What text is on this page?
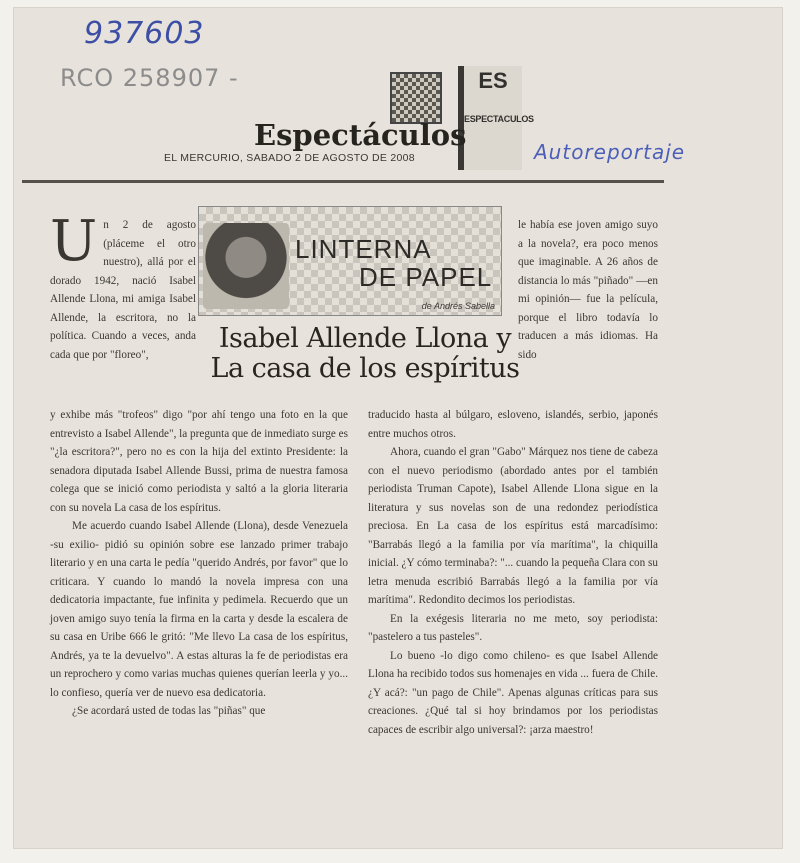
937603
RCO 258907 -
Autoreportaje
ES
ESPECTACULOS
Espectáculos
EL MERCURIO, SABADO 2 DE AGOSTO DE 2008
LINTERNA
DE PAPEL
de Andrés Sabella
Isabel Allende Llona y
La casa de los espíritus

Un 2 de agosto (pláceme el otro nuestro), allá por el dorado 1942, nació Isabel Allende Llona, mi amiga Isabel Allende, la escritora, no la política. Cuando a veces, anda cada que por "floreo",

y exhibe más "trofeos" digo "por ahí tengo una foto en la que entrevisto a Isabel Allende", la pregunta que de inmediato surge es "¿la escritora?", pero no es con la hija del extinto Presidente: la senadora diputada Isabel Allende Bussi, prima de nuestra famosa colega que se inició como periodista y saltó a la gloria literaria con su novela La casa de los espíritus.

Me acuerdo cuando Isabel Allende (Llona), desde Venezuela -su exilio- pidió su opinión sobre ese lanzado primer trabajo literario y en una carta le pedía "querido Andrés, por favor" que lo criticara. Y cuando lo mandó la novela impresa con una dedicatoria impactante, fue infinita y pedimela. Recuerdo que un joven amigo suyo tenía la firma en la carta y desde la escalera de su casa en Uribe 666 le gritó: "Me llevo La casa de los espíritus, Andrés, ya te la devuelvo". A estas alturas la fe de periodistas era un reprochero y como varias muchas quienes querían leerla y yo... lo confieso, quería ver de nuevo esa dedicatoria.

¿Se acordará usted de todas las "piñas" que

le había ese joven amigo suyo a la novela?, era poco menos que imaginable. A 26 años de distancia lo más "piñado" —en mi opinión— fue la película, porque el libro todavía lo traducen a más idiomas. Ha sido

traducido hasta al búlgaro, esloveno, islandés, serbio, japonés entre muchos otros.

Ahora, cuando el gran "Gabo" Márquez nos tiene de cabeza con el nuevo periodismo (abordado antes por el también periodista Truman Capote), Isabel Allende Llona sigue en la literatura y sus novelas son de una redondez periodística preciosa. En La casa de los espíritus está marcadísimo: "Barrabás llegó a la familia por vía marítima", la chiquilla inicial. ¿Y cómo terminaba?: "... cuando la pequeña Clara con su letra menuda escribió Barrabás llegó a la familia por vía marítima". Redondito decimos los periodistas.

En la exégesis literaria no me meto, soy periodista: "pastelero a tus pasteles".

Lo bueno -lo digo como chileno- es que Isabel Allende Llona ha recibido todos sus homenajes en vida ... fuera de Chile. ¿Y acá?: "un pago de Chile". Apenas algunas críticas para sus creaciones. ¿Qué tal si hoy brindamos por los periodistas capaces de escribir algo universal?: ¡arza maestro!
